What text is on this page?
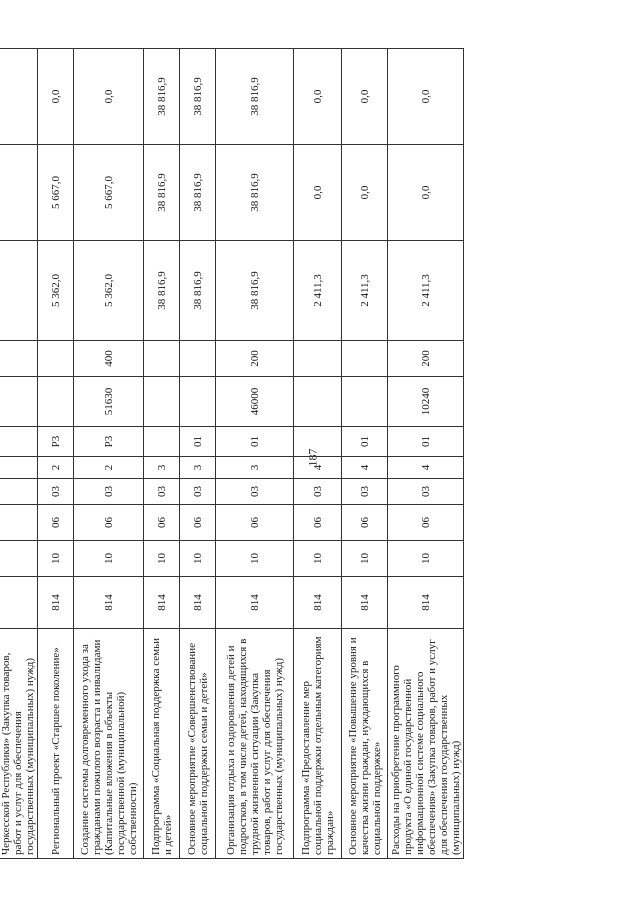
187
Черкесской Республики» (Закупка товаров, работ и услуг для обеспечения государственных (муниципальных) нужд)											
Региональный проект «Старшее поколение»	814	10	06	03	2	P3			5 362,0	5 667,0	0,0
Создание системы долговременного ухода за гражданами пожилого возраста и инвалидами (Капитальные вложения в объекты государственной (муниципальной) собственности)	814	10	06	03	2	P3	51630	400	5 362,0	5 667,0	0,0
Подпрограмма «Социальная поддержка семьи и детей»	814	10	06	03	3				38 816,9	38 816,9	38 816,9
Основное мероприятие «Совершенствование социальной поддержки семьи и детей»	814	10	06	03	3	01			38 816,9	38 816,9	38 816,9
Организация отдыха и оздоровления детей и подростков, в том числе детей, находящихся в трудной жизненной ситуации (Закупка товаров, работ и услуг для обеспечения государственных (муниципальных) нужд)	814	10	06	03	3	01	46000	200	38 816,9	38 816,9	38 816,9
Подпрограмма «Предоставление мер социальной поддержки отдельным категориям граждан»	814	10	06	03	4				2 411,3	0,0	0,0
Основное мероприятие «Повышение уровня и качества жизни граждан, нуждающихся в социальной поддержке»	814	10	06	03	4	01			2 411,3	0,0	0,0
Расходы на приобретение программного продукта «О единой государственной информационной системе социального обеспечения» (Закупка товаров, работ и услуг для обеспечения государственных (муниципальных) нужд)	814	10	06	03	4	01	10240	200	2 411,3	0,0	0,0
